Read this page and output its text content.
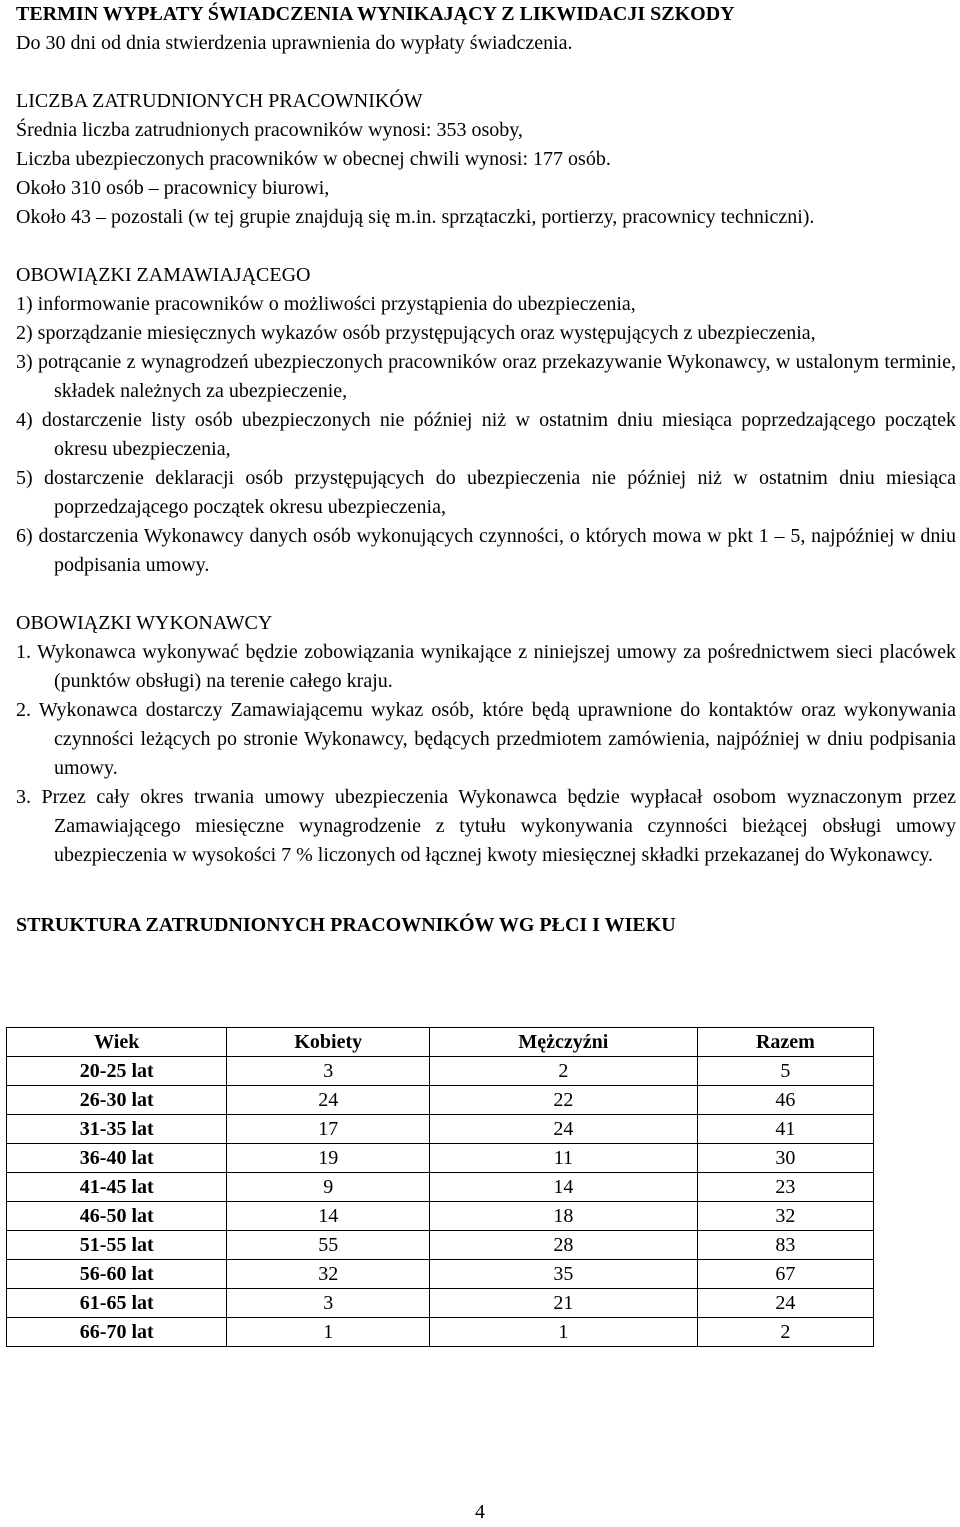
TERMIN WYPŁATY ŚWIADCZENIA WYNIKAJĄCY Z LIKWIDACJI SZKODY

Do 30 dni od dnia stwierdzenia uprawnienia do wypłaty świadczenia.

LICZBA ZATRUDNIONYCH PRACOWNIKÓW

Średnia liczba zatrudnionych pracowników wynosi: 353 osoby,

Liczba ubezpieczonych pracowników w obecnej chwili wynosi: 177 osób.

Około 310 osób – pracownicy biurowi,

Około 43 – pozostali (w tej grupie znajdują się m.in. sprzątaczki, portierzy, pracownicy techniczni).

OBOWIĄZKI ZAMAWIAJĄCEGO

1) informowanie pracowników o możliwości przystąpienia do ubezpieczenia,

2) sporządzanie miesięcznych wykazów osób przystępujących oraz występujących z ubezpieczenia,

3) potrącanie z wynagrodzeń ubezpieczonych pracowników oraz przekazywanie Wykonawcy, w ustalonym terminie, składek należnych za ubezpieczenie,

4) dostarczenie listy osób ubezpieczonych nie później niż w ostatnim dniu miesiąca poprzedzającego początek okresu ubezpieczenia,

5) dostarczenie deklaracji osób przystępujących do ubezpieczenia nie później niż w ostatnim dniu miesiąca poprzedzającego początek okresu ubezpieczenia,

6) dostarczenia Wykonawcy danych osób wykonujących czynności, o których mowa w pkt 1 – 5, najpóźniej w dniu podpisania umowy.

OBOWIĄZKI WYKONAWCY

1. Wykonawca wykonywać będzie zobowiązania wynikające z niniejszej umowy za pośrednictwem sieci placówek (punktów obsługi) na terenie całego kraju.

2. Wykonawca dostarczy Zamawiającemu wykaz osób, które będą uprawnione do kontaktów oraz wykonywania czynności leżących po stronie Wykonawcy, będących przedmiotem zamówienia, najpóźniej w dniu podpisania umowy.

3. Przez cały okres trwania umowy ubezpieczenia Wykonawca będzie wypłacał osobom wyznaczonym przez Zamawiającego miesięczne wynagrodzenie z tytułu wykonywania czynności bieżącej obsługi umowy ubezpieczenia w wysokości 7 % liczonych od łącznej kwoty miesięcznej składki przekazanej do Wykonawcy.

STRUKTURA ZATRUDNIONYCH PRACOWNIKÓW WG PŁCI I WIEKU

Wiek	Kobiety	Mężczyźni	Razem
20-25 lat	3	2	5
26-30 lat	24	22	46
31-35 lat	17	24	41
36-40 lat	19	11	30
41-45 lat	9	14	23
46-50 lat	14	18	32
51-55 lat	55	28	83
56-60 lat	32	35	67
61-65 lat	3	21	24
66-70 lat	1	1	2
4
